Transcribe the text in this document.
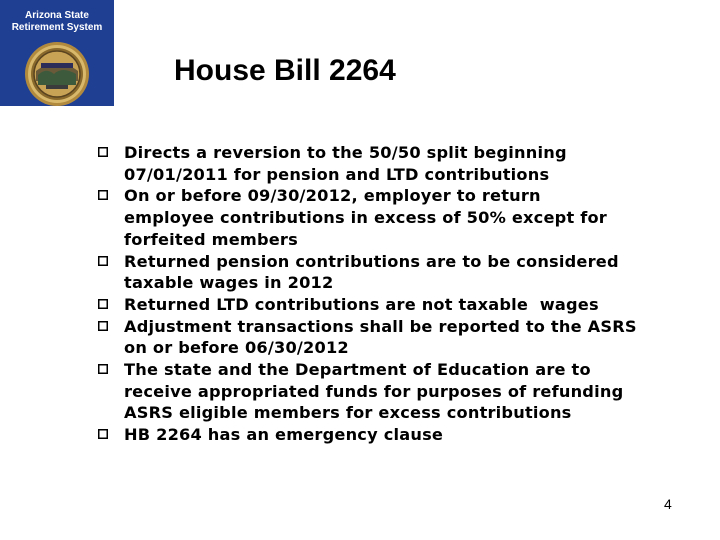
Arizona State
Retirement System
House Bill 2264
Directs a reversion to the 50/50 split beginning
07/01/2011 for pension and LTD contributions
On or before 09/30/2012, employer to return
employee contributions in excess of 50% except for
forfeited members
Returned pension contributions are to be considered
taxable wages in 2012
Returned LTD contributions are not taxable  wages
Adjustment transactions shall be reported to the ASRS
on or before 06/30/2012
The state and the Department of Education are to
receive appropriated funds for purposes of refunding
ASRS eligible members for excess contributions
HB 2264 has an emergency clause
4
